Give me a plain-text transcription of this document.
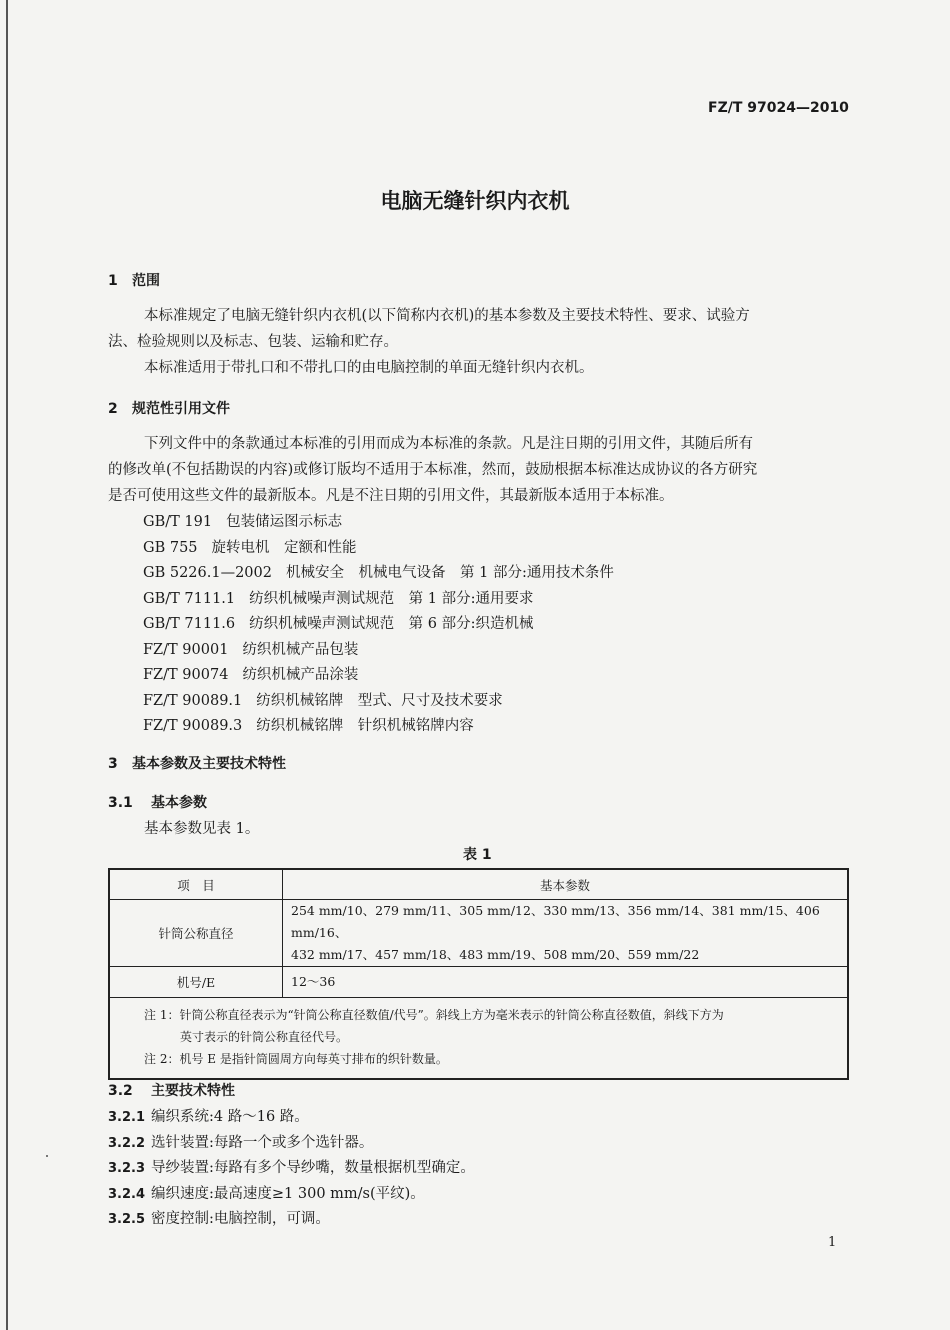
FZ/T 97024—2010
电脑无缝针织内衣机
1 范围
本标准规定了电脑无缝针织内衣机(以下简称内衣机)的基本参数及主要技术特性、要求、试验方
法、检验规则以及标志、包装、运输和贮存。
本标准适用于带扎口和不带扎口的由电脑控制的单面无缝针织内衣机。
2 规范性引用文件
下列文件中的条款通过本标准的引用而成为本标准的条款。凡是注日期的引用文件，其随后所有
的修改单(不包括勘误的内容)或修订版均不适用于本标准，然而，鼓励根据本标准达成协议的各方研究
是否可使用这些文件的最新版本。凡是不注日期的引用文件，其最新版本适用于本标准。
GB/T 191 包装储运图示标志
GB 755 旋转电机　定额和性能
GB 5226.1—2002 机械安全　机械电气设备　第 1 部分:通用技术条件
GB/T 7111.1 纺织机械噪声测试规范　第 1 部分:通用要求
GB/T 7111.6 纺织机械噪声测试规范　第 6 部分:织造机械
FZ/T 90001 纺织机械产品包装
FZ/T 90074 纺织机械产品涂装
FZ/T 90089.1 纺织机械铭牌　型式、尺寸及技术要求
FZ/T 90089.3 纺织机械铭牌　针织机械铭牌内容
3 基本参数及主要技术特性
3.1 基本参数
基本参数见表 1。
表 1
项　目	基本参数
针筒公称直径	254 mm/10、279 mm/11、305 mm/12、330 mm/13、356 mm/14、381 mm/15、406 mm/16、
432 mm/17、457 mm/18、483 mm/19、508 mm/20、559 mm/22

机号/E	12～36

注 1：针筒公称直径表示为“针筒公称直径数值/代号”。斜线上方为毫米表示的针筒公称直径数值，斜线下方为
英寸表示的针筒公称直径代号。
注 2：机号 E 是指针筒圆周方向每英寸排布的织针数量。	
3.2 主要技术特性
3.2.1 编织系统:4 路～16 路。
3.2.2 选针装置:每路一个或多个选针器。
3.2.3 导纱装置:每路有多个导纱嘴，数量根据机型确定。
3.2.4 编织速度:最高速度≥1 300 mm/s(平纹)。
3.2.5 密度控制:电脑控制，可调。
1
